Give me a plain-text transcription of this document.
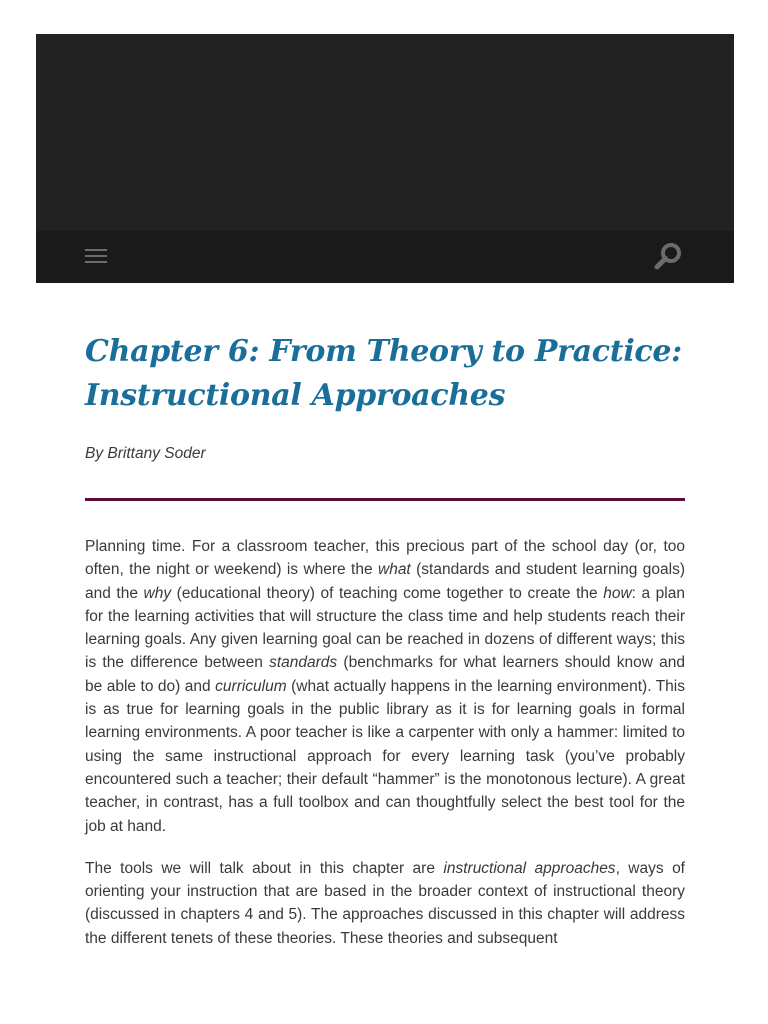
Chapter 6: From Theory to Practice:
Instructional Approaches
By Brittany Soder

Planning time. For a classroom teacher, this precious part of the school day (or, too often, the night or weekend) is where the what (standards and student learning goals) and the why (educational theory) of teaching come together to create the how: a plan for the learning activities that will structure the class time and help students reach their learning goals. Any given learning goal can be reached in dozens of different ways; this is the difference between standards (benchmarks for what learners should know and be able to do) and curriculum (what actually happens in the learning environment). This is as true for learning goals in the public library as it is for learning goals in formal learning environments. A poor teacher is like a carpenter with only a hammer: limited to using the same instructional approach for every learning task (you’ve probably encountered such a teacher; their default “hammer” is the monotonous lecture). A great teacher, in contrast, has a full toolbox and can thoughtfully select the best tool for the job at hand.

The tools we will talk about in this chapter are instructional approaches, ways of orienting your instruction that are based in the broader context of instructional theory (discussed in chapters 4 and 5). The approaches discussed in this chapter will address the different tenets of these theories. These theories and subsequent
